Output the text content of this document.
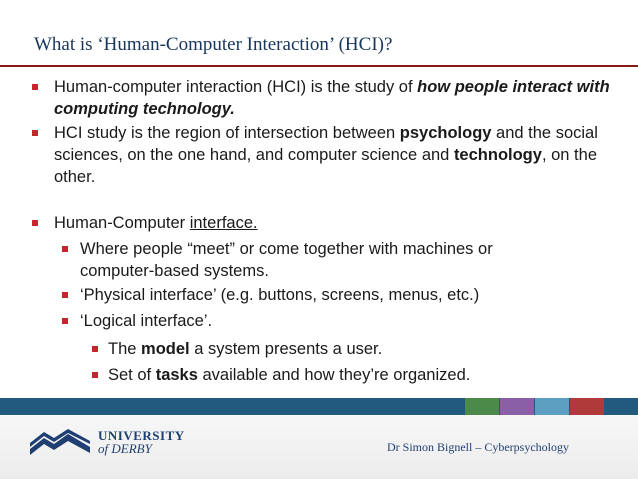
What is ‘Human-Computer Interaction’ (HCI)?
Human-computer interaction (HCI) is the study of how people interact with computing technology.
HCI study is the region of intersection between psychology and the social sciences, on the one hand, and computer science and technology, on the other.
Human-Computer interface.
Where people “meet” or come together with machines or computer-based systems.
‘Physical interface’ (e.g. buttons, screens, menus, etc.)
‘Logical interface’.
The model a system presents a user.
Set of tasks available and how they’re organized.
UNIVERSITY
of DERBY	Dr Simon Bignell – Cyberpsychology
